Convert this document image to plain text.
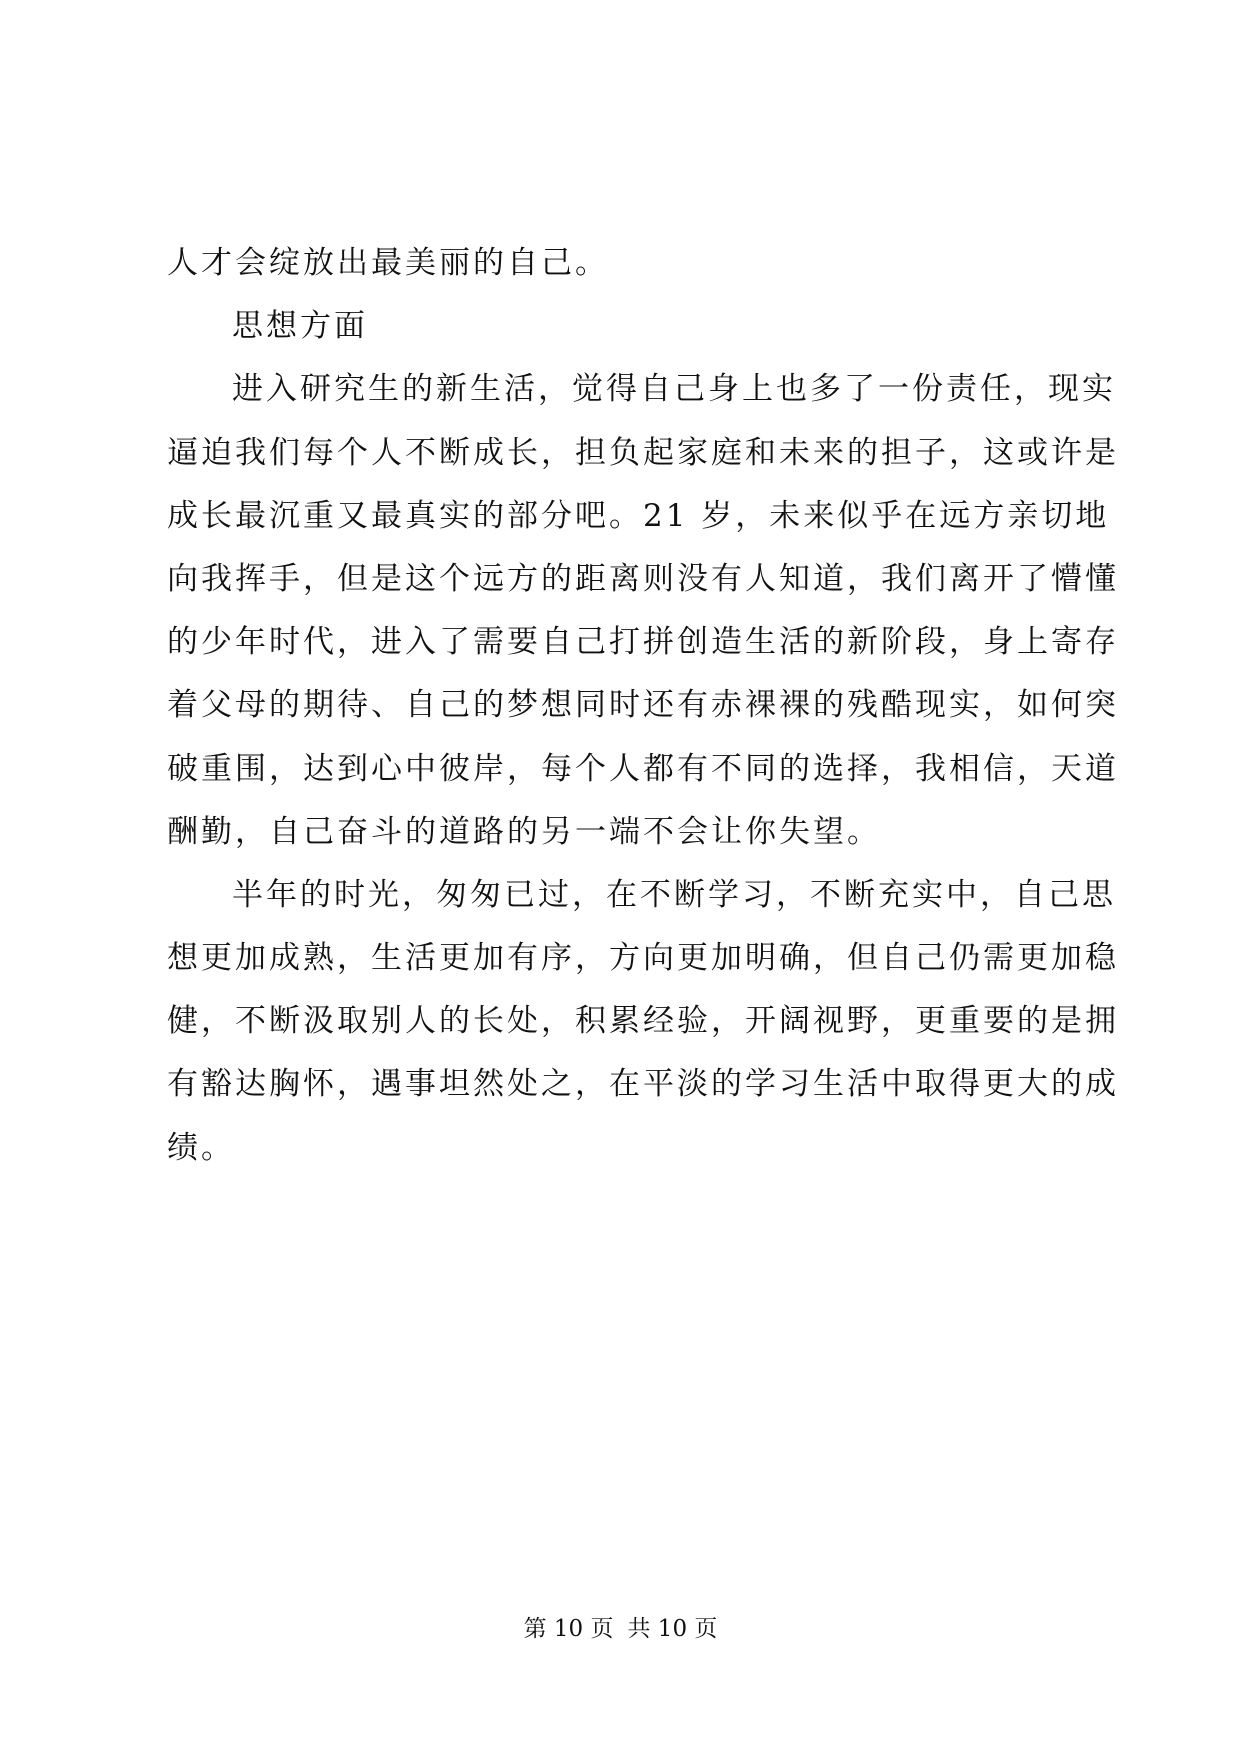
人才会绽放出最美丽的自己。
思想方面
进入研究生的新生活，觉得自己身上也多了一份责任，现实
逼迫我们每个人不断成长，担负起家庭和未来的担子，这或许是
成长最沉重又最真实的部分吧。21 岁，未来似乎在远方亲切地
向我挥手，但是这个远方的距离则没有人知道，我们离开了懵懂
的少年时代，进入了需要自己打拼创造生活的新阶段，身上寄存
着父母的期待、自己的梦想同时还有赤裸裸的残酷现实，如何突
破重围，达到心中彼岸，每个人都有不同的选择，我相信，天道
酬勤，自己奋斗的道路的另一端不会让你失望。
半年的时光，匆匆已过，在不断学习，不断充实中，自己思
想更加成熟，生活更加有序，方向更加明确，但自己仍需更加稳
健，不断汲取别人的长处，积累经验，开阔视野，更重要的是拥
有豁达胸怀，遇事坦然处之，在平淡的学习生活中取得更大的成
绩。
第 10 页 共 10 页
